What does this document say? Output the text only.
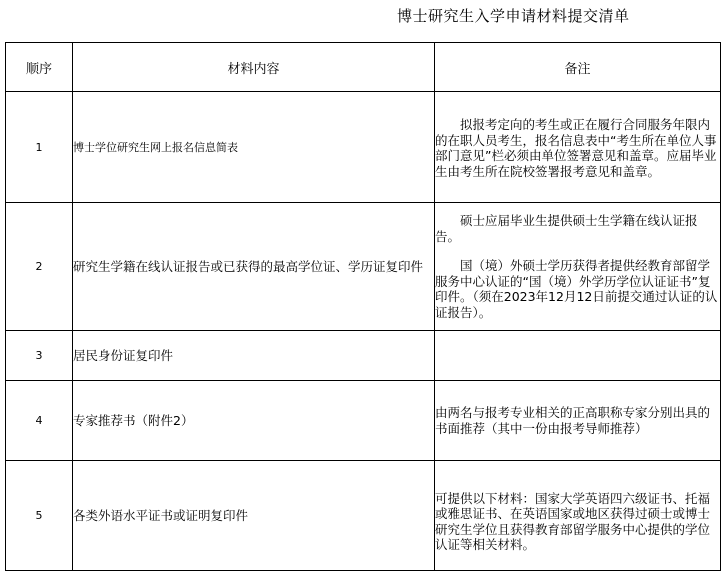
博士研究生入学申请材料提交清单
顺序	材料内容	备注
1	博士学位研究生网上报名信息简表	拟报考定向的考生或正在履行合同服务年限内的在职人员考生，报名信息表中“考生所在单位人事部门意见”栏必须由单位签署意见和盖章。应届毕业生由考生所在院校签署报考意见和盖章。

2	研究生学籍在线认证报告或已获得的最高学位证、学历证复印件	硕士应届毕业生提供硕士生学籍在线认证报告。
国（境）外硕士学历获得者提供经教育部留学服务中心认证的“国（境）外学历学位认证证书”复印件。（须在2023年12月12日前提交通过认证的认证报告）。

3	居民身份证复印件	
4	专家推荐书（附件2）	由两名与报考专业相关的正高职称专家分别出具的书面推荐（其中一份由报考导师推荐）

5	各类外语水平证书或证明复印件	可提供以下材料：国家大学英语四六级证书、托福或雅思证书、在英语国家或地区获得过硕士或博士研究生学位且获得教育部留学服务中心提供的学位认证等相关材料。
